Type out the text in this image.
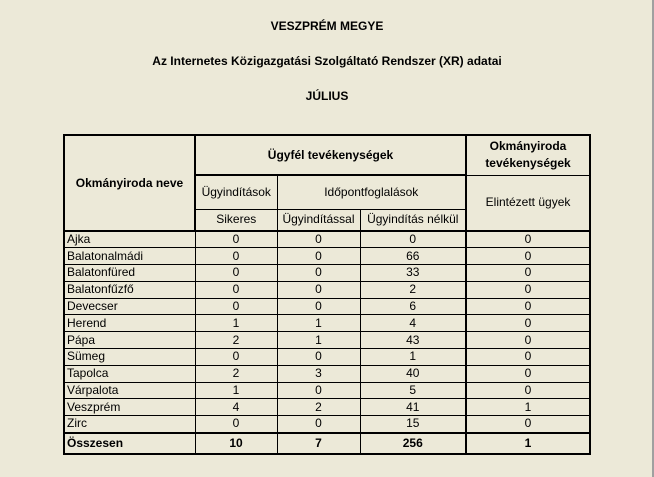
VESZPRÉM MEGYE
Az Internetes Közigazgatási Szolgáltató Rendszer (XR) adatai
JÚLIUS
Okmányiroda neve	Ügyfél tevékenységek			Okmányiroda tevékenységek
	Ügyindítások	Időpontfoglalások		Elintézett ügyek
	Sikeres	Ügyindítással	Ügyindítás nélkül	
Ajka	0	0	0	0
Balatonalmádi	0	0	66	0
Balatonfüred	0	0	33	0
Balatonfűzfő	0	0	2	0
Devecser	0	0	6	0
Herend	1	1	4	0
Pápa	2	1	43	0
Sümeg	0	0	1	0
Tapolca	2	3	40	0
Várpalota	1	0	5	0
Veszprém	4	2	41	1
Zirc	0	0	15	0
Összesen	10	7	256	1
